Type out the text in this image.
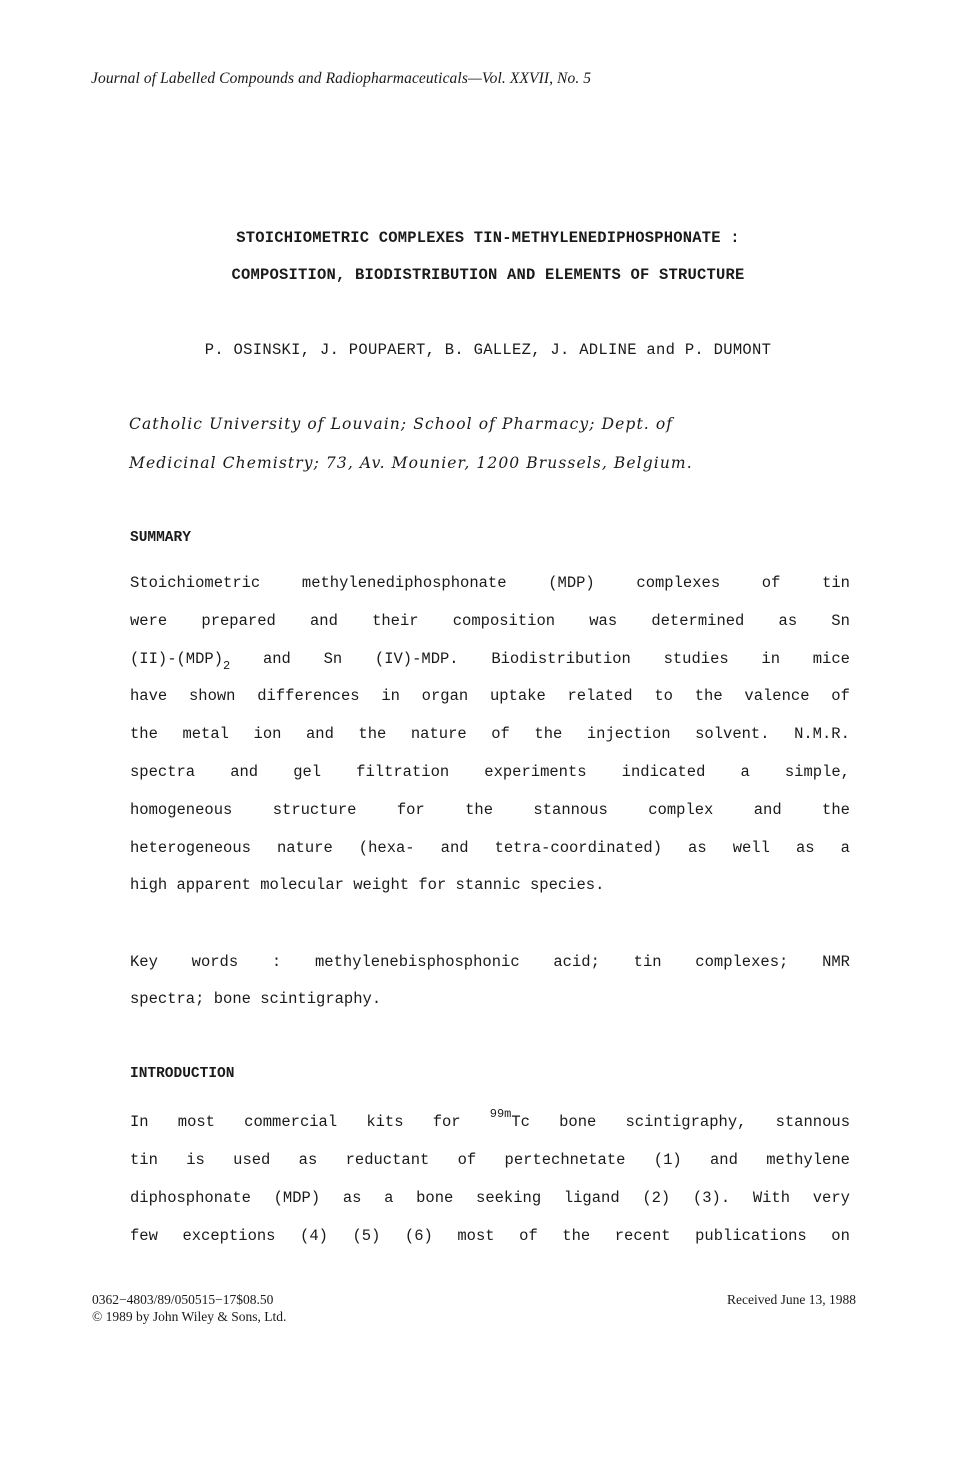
Journal of Labelled Compounds and Radiopharmaceuticals—Vol. XXVII, No. 5
STOICHIOMETRIC COMPLEXES TIN-METHYLENEDIPHOSPHONATE :
COMPOSITION, BIODISTRIBUTION AND ELEMENTS OF STRUCTURE
P. OSINSKI, J. POUPAERT, B. GALLEZ, J. ADLINE and P. DUMONT
Catholic University of Louvain; School of Pharmacy; Dept. of
Medicinal Chemistry; 73, Av. Mounier, 1200 Brussels, Belgium.
SUMMARY
Stoichiometric	methylenediphosphonate	(MDP)	complexes	of	tin
were prepared and their composition was determined as Sn
$(II)-(MDP)_2$ and Sn (IV)-MDP. Biodistribution studies in mice
have shown differences in organ uptake related to the valence of
the metal ion and the nature of the injection solvent. N.M.R.
spectra and gel filtration experiments indicated a simple,
homogeneous	structure	for	the	stannous	complex	and	the
heterogeneous nature (hexa- and tetra-coordinated) as well as a
high apparent molecular weight for stannic species.
Key words : methylenebisphosphonic acid; tin complexes; NMR
spectra; bone scintigraphy.
INTRODUCTION
In most commercial kits for $^{99m}$Tc bone scintigraphy, stannous
tin is used as reductant of pertechnetate (1) and methylene
diphosphonate (MDP) as a bone seeking ligand (2) (3). With very
few exceptions (4) (5) (6) most of the recent publications on
0362−4803/89/050515−17$08.50
© 1989 by John Wiley & Sons, Ltd.
Received June 13, 1988
